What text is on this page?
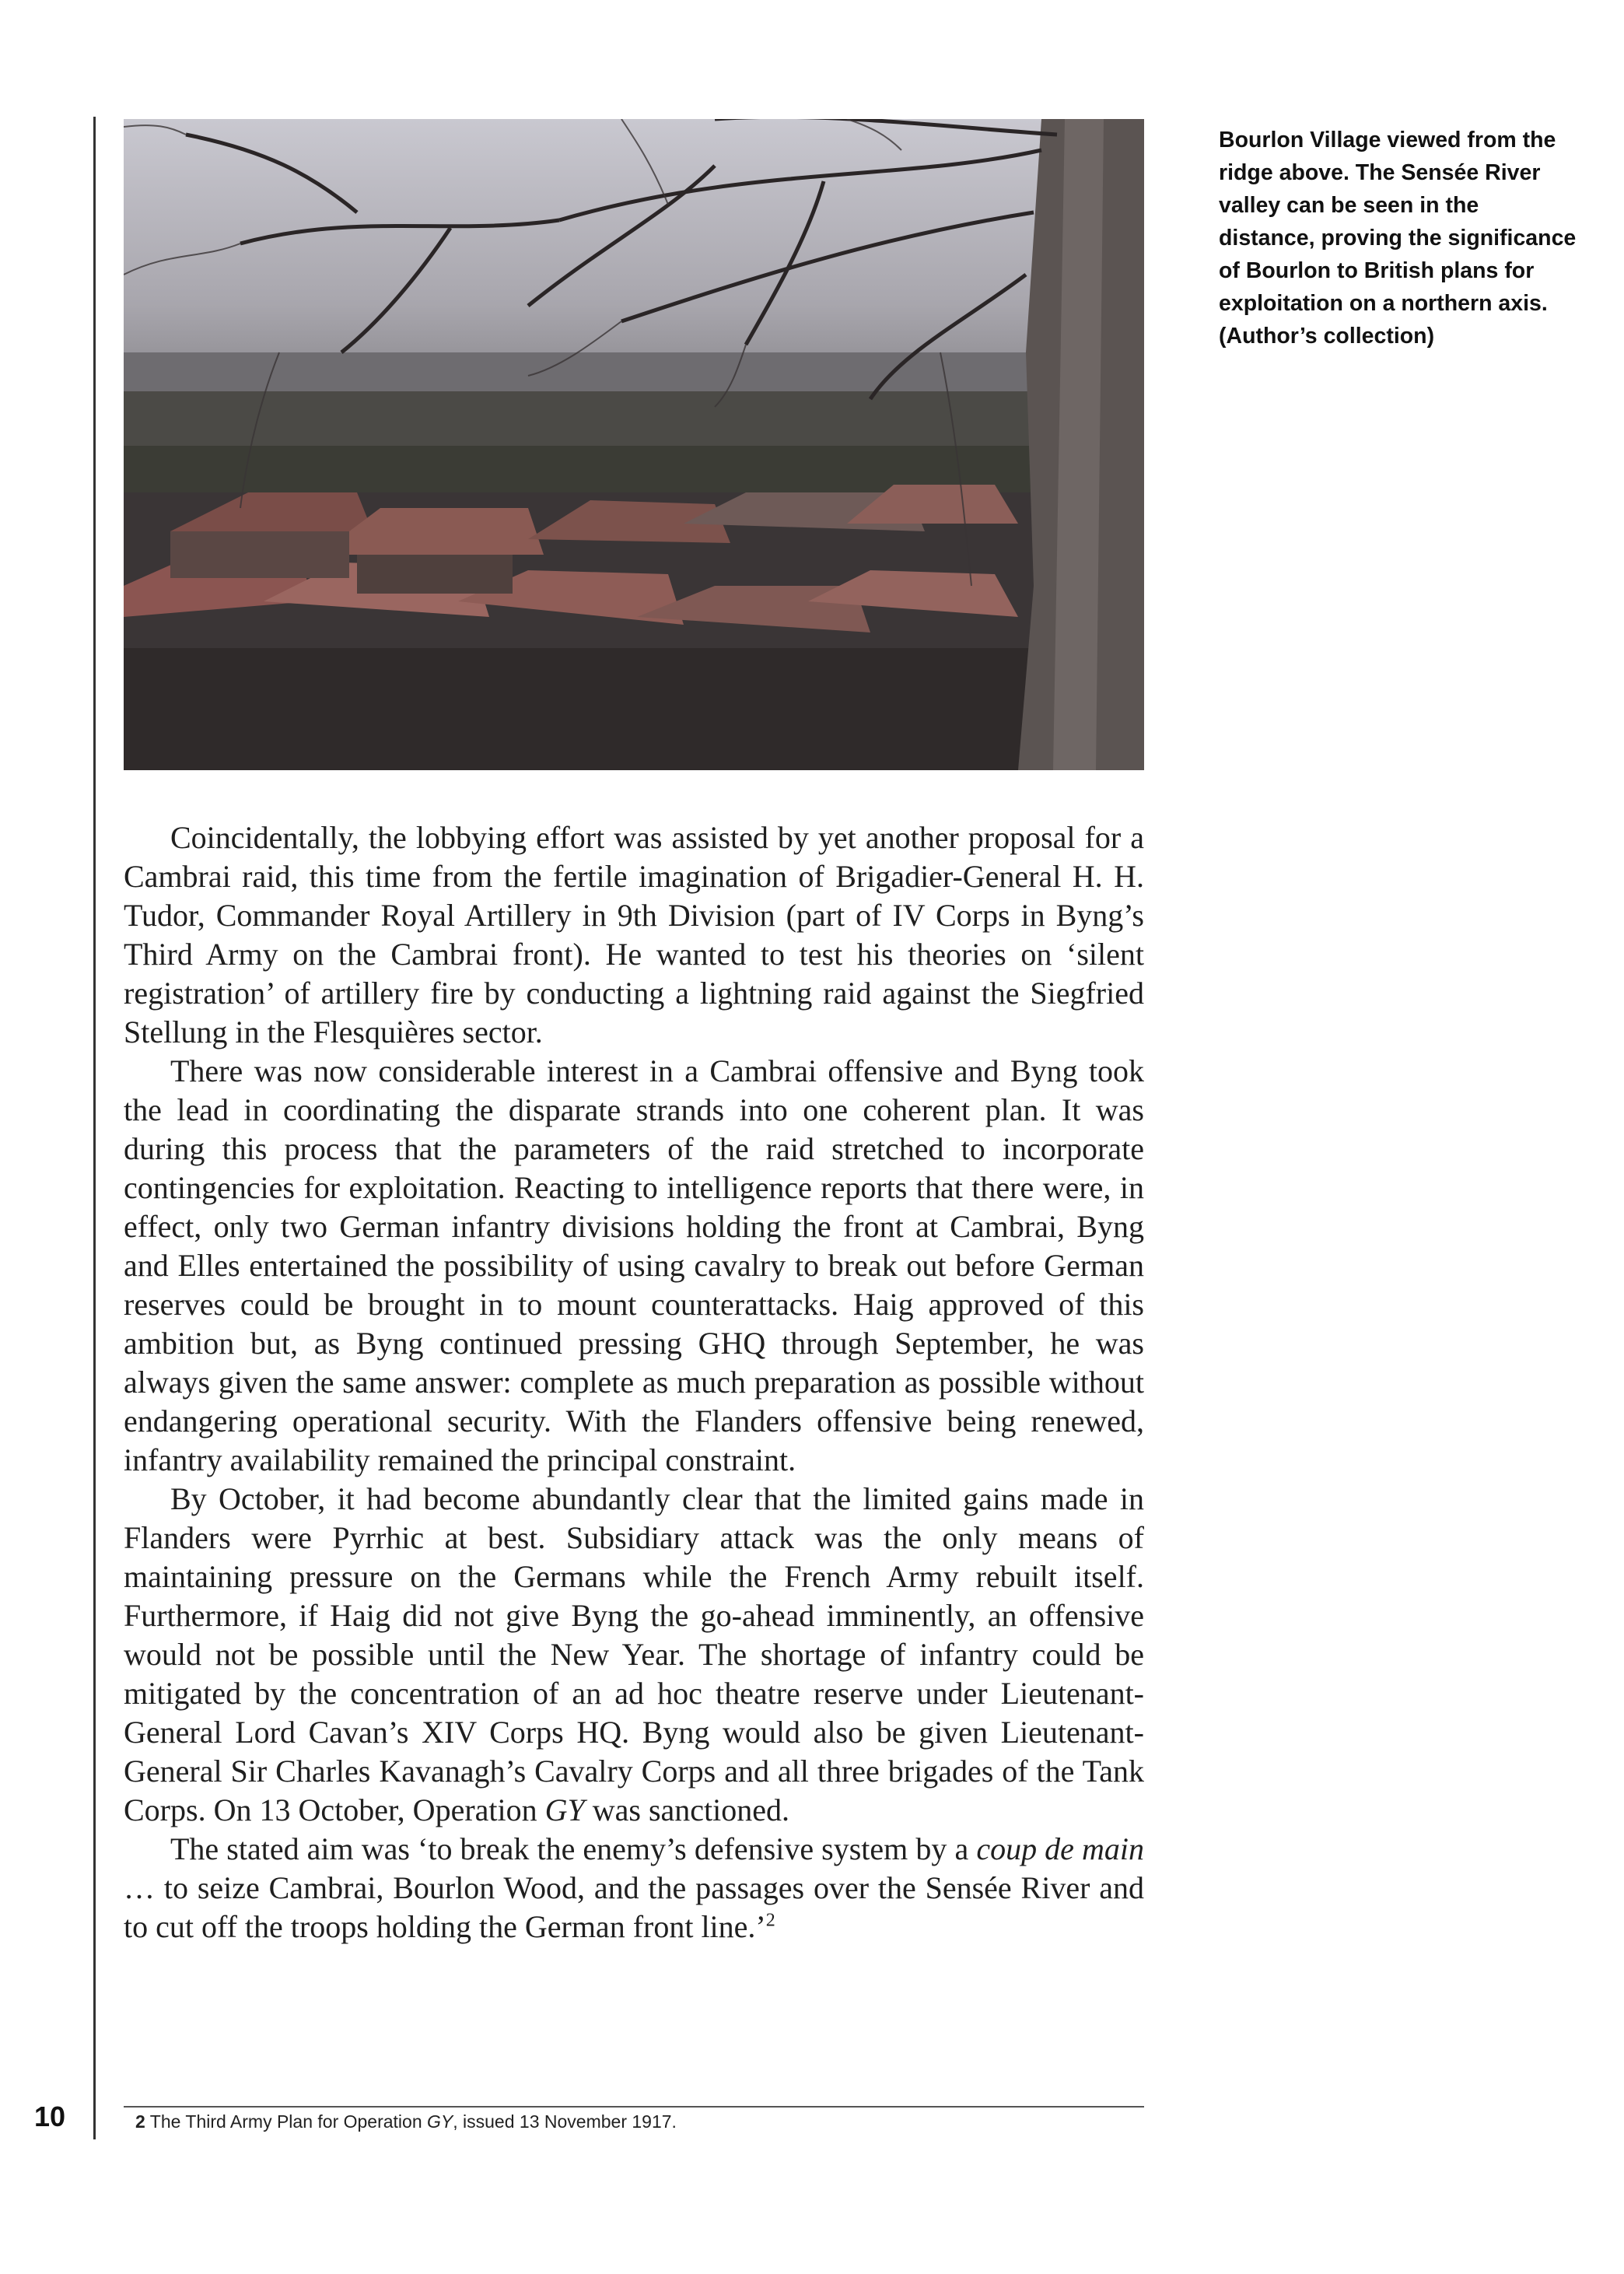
Bourlon Village viewed from the ridge above. The Sensée River valley can be seen in the distance, proving the significance of Bourlon to British plans for exploitation on a northern axis. (Author’s collection)

Coincidentally, the lobbying effort was assisted by yet another proposal for a Cambrai raid, this time from the fertile imagination of Brigadier-General H. H. Tudor, Commander Royal Artillery in 9th Division (part of IV Corps in Byng’s Third Army on the Cambrai front). He wanted to test his theories on ‘silent registration’ of artillery fire by conducting a lightning raid against the Siegfried Stellung in the Flesquières sector.

There was now considerable interest in a Cambrai offensive and Byng took the lead in coordinating the disparate strands into one coherent plan. It was during this process that the parameters of the raid stretched to incorporate contingencies for exploitation. Reacting to intelligence reports that there were, in effect, only two German infantry divisions holding the front at Cambrai, Byng and Elles entertained the possibility of using cavalry to break out before German reserves could be brought in to mount counterattacks. Haig approved of this ambition but, as Byng continued pressing GHQ through September, he was always given the same answer: complete as much preparation as possible without endangering operational security. With the Flanders offensive being renewed, infantry availability remained the principal constraint.

By October, it had become abundantly clear that the limited gains made in Flanders were Pyrrhic at best. Subsidiary attack was the only means of maintaining pressure on the Germans while the French Army rebuilt itself. Furthermore, if Haig did not give Byng the go-ahead imminently, an offensive would not be possible until the New Year. The shortage of infantry could be mitigated by the concentration of an ad hoc theatre reserve under Lieutenant-General Lord Cavan’s XIV Corps HQ. Byng would also be given Lieutenant-General Sir Charles Kavanagh’s Cavalry Corps and all three brigades of the Tank Corps. On 13 October, Operation GY was sanctioned.

The stated aim was ‘to break the enemy’s defensive system by a coup de main … to seize Cambrai, Bourlon Wood, and the passages over the Sensée River and to cut off the troops holding the German front line.’$^2$

2 The Third Army Plan for Operation GY, issued 13 November 1917.
10
